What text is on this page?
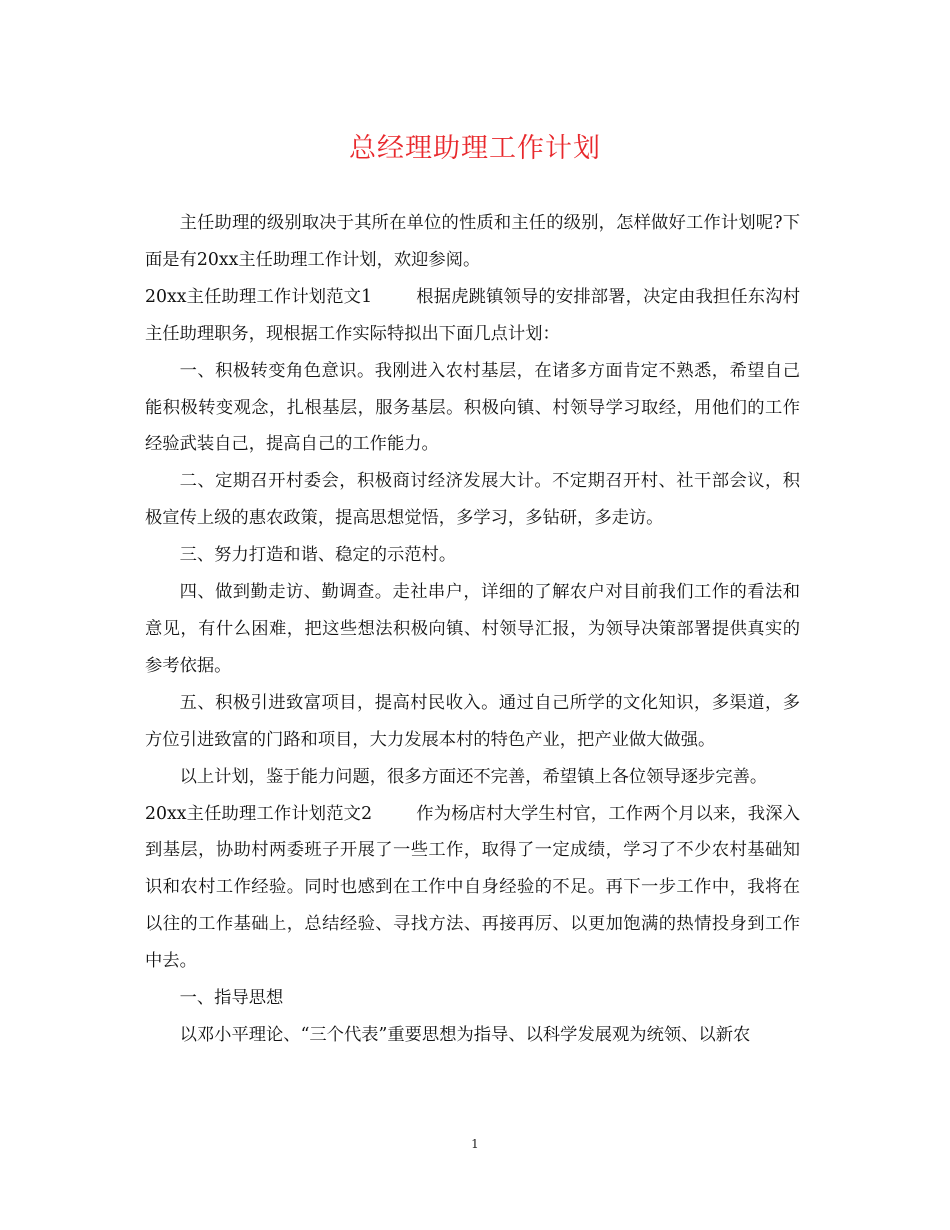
总经理助理工作计划

主任助理的级别取决于其所在单位的性质和主任的级别，怎样做好工作计划呢?下面是有20xx主任助理工作计划，欢迎参阅。

20xx主任助理工作计划范文1	根据虎跳镇领导的安排部署，决定由我担任东沟村主任助理职务，现根据工作实际特拟出下面几点计划：

一、积极转变角色意识。我刚进入农村基层，在诸多方面肯定不熟悉，希望自己能积极转变观念，扎根基层，服务基层。积极向镇、村领导学习取经，用他们的工作经验武装自己，提高自己的工作能力。

二、定期召开村委会，积极商讨经济发展大计。不定期召开村、社干部会议，积极宣传上级的惠农政策，提高思想觉悟，多学习，多钻研，多走访。

三、努力打造和谐、稳定的示范村。

四、做到勤走访、勤调查。走社串户，详细的了解农户对目前我们工作的看法和意见，有什么困难，把这些想法积极向镇、村领导汇报，为领导决策部署提供真实的参考依据。

五、积极引进致富项目，提高村民收入。通过自己所学的文化知识，多渠道，多方位引进致富的门路和项目，大力发展本村的特色产业，把产业做大做强。

以上计划，鉴于能力问题，很多方面还不完善，希望镇上各位领导逐步完善。

20xx主任助理工作计划范文2	作为杨店村大学生村官，工作两个月以来，我深入到基层，协助村两委班子开展了一些工作，取得了一定成绩，学习了不少农村基础知识和农村工作经验。同时也感到在工作中自身经验的不足。再下一步工作中，我将在以往的工作基础上，总结经验、寻找方法、再接再厉、以更加饱满的热情投身到工作中去。

一、指导思想

以邓小平理论、“三个代表”重要思想为指导、以科学发展观为统领、以新农

1
